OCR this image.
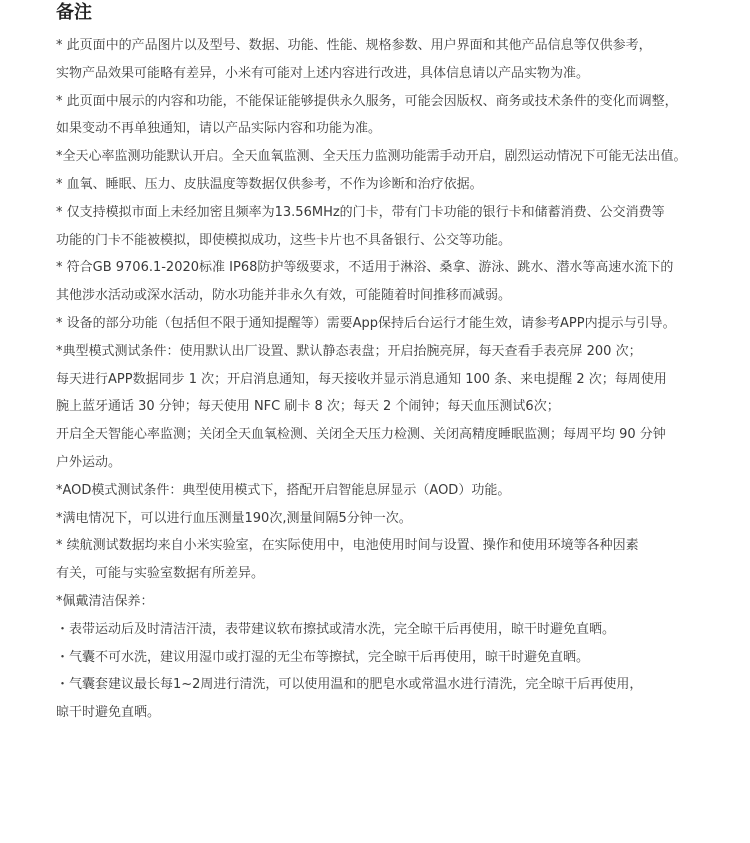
备注
* 此页面中的产品图片以及型号、数据、功能、性能、规格参数、用户界面和其他产品信息等仅供参考，
实物产品效果可能略有差异，小米有可能对上述内容进行改进，具体信息请以产品实物为准。
* 此页面中展示的内容和功能，不能保证能够提供永久服务，可能会因版权、商务或技术条件的变化而调整，
如果变动不再单独通知，请以产品实际内容和功能为准。
*全天心率监测功能默认开启。全天血氧监测、全天压力监测功能需手动开启，剧烈运动情况下可能无法出值。
* 血氧、睡眠、压力、皮肤温度等数据仅供参考，不作为诊断和治疗依据。
* 仅支持模拟市面上未经加密且频率为13.56MHz的门卡，带有门卡功能的银行卡和储蓄消费、公交消费等
功能的门卡不能被模拟，即使模拟成功，这些卡片也不具备银行、公交等功能。
* 符合GB 9706.1-2020标准 IP68防护等级要求，不适用于淋浴、桑拿、游泳、跳水、潜水等高速水流下的
其他涉水活动或深水活动，防水功能并非永久有效，可能随着时间推移而减弱。
* 设备的部分功能（包括但不限于通知提醒等）需要App保持后台运行才能生效，请参考APP内提示与引导。
*典型模式测试条件：使用默认出厂设置、默认静态表盘；开启抬腕亮屏，每天查看手表亮屏 200 次；
每天进行APP数据同步 1 次；开启消息通知，每天接收并显示消息通知 100 条、来电提醒 2 次；每周使用
腕上蓝牙通话 30 分钟；每天使用 NFC 刷卡 8 次；每天 2 个闹钟；每天血压测试6次；
开启全天智能心率监测；关闭全天血氧检测、关闭全天压力检测、关闭高精度睡眠监测；每周平均 90 分钟
户外运动。
*AOD模式测试条件：典型使用模式下，搭配开启智能息屏显示（AOD）功能。
*满电情况下，可以进行血压测量190次,测量间隔5分钟一次。
* 续航测试数据均来自小米实验室，在实际使用中，电池使用时间与设置、操作和使用环境等各种因素
有关，可能与实验室数据有所差异。
*佩戴清洁保养：
・表带运动后及时清洁汗渍，表带建议软布擦拭或清水洗，完全晾干后再使用，晾干时避免直晒。
・气囊不可水洗，建议用湿巾或打湿的无尘布等擦拭，完全晾干后再使用，晾干时避免直晒。
・气囊套建议最长每1~2周进行清洗，可以使用温和的肥皂水或常温水进行清洗，完全晾干后再使用，
晾干时避免直晒。
